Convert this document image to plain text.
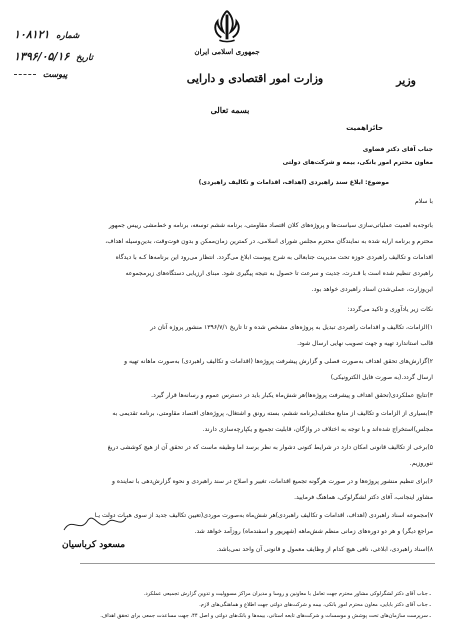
جمهوری اسلامی ایران
وزارت امور اقتصادی و دارایی	وزیر
بسمه تعالی
شماره ۱۰۸۱۲۱
تاریخ ۱۳۹۶/۰۵/۱۶
پیوست
حائزاهمیت
جناب آقای دکتر قضاوی
معاون محترم امور بانکی، بیمه و شرکت‌های دولتی
موضوع: ابلاغ سند راهبردی (اهداف، اقدامات و تکالیف راهبردی)
با سلام
باتوجه‌به اهمیت عملیاتی‌سازی سیاست‌ها و پروژه‌های کلان اقتصاد مقاومتی، برنامه ششم توسعه، برنامه و خط‌مشی رییس جمهور
محترم و برنامه ارایه شده به نمایندگان محترم مجلس شورای اسلامی، در کمترین زمان‌ممکن و بدون فوت‌وقت، بدین‌وسیله اهداف،
اقدامات و تکالیف راهبردی حوزه تحت مدیریت جنابعالی به شرح پیوست ابلاغ می‌گردد. انتظار می‌رود این برنامه‌ها کـه با دیدگاه
راهبردی تنظیم شده است با قـدرت، جدیت و سرعت تا حصول به نتیجه پیگیری شود. مبنای ارزیابی دستگاه‌های زیرمجموعه
این‌وزارت، عملی‌شدن اسناد راهبردی خواهد بود.
نکات زیر یادآوری و تاکید می‌گردد:
۱)الزامات، تکالیف و اقدامات راهبردی تبدیل به پروژه‌های مشخص شده و تا تاریخ ۱۳۹۶/۷/۱ منشور پروژه آنان در
قالب استاندارد تهیه و جهت تصویب نهایی ارسال شود.
۲)گزارش‌های تحقق اهداف به‌صورت فصلی و گزارش پیشرفت پروژه‌ها (اقدامات و تکالیف راهبردی) به‌صورت ماهانه تهیه و
ارسال گردد.(به صورت فایل الکترونیکی)
۳)نتایج عملکردی(تحقق اهداف و پیشرفت پروژه‌ها)هر شش‌ماه یکبار باید در دسترس عموم و رسانه‌ها قرار گیرد.
۴)بسیاری از الزامات و تکالیف از منابع مختلف(برنامه ششم، بسته رونق و اشتغال، پروژه‌های اقتصاد مقاومتی، برنامه تقدیمی به
مجلس)استخراج شده‌اند و با توجه به اختلاف در واژگان، قابلیت تجمیع و یکپارچه‌سازی دارند.
۵)برخی از تکالیف قانونی امکان دارد در شرایط کنونی دشوار به نظر برسد اما وظیفه ماست که در تحقق آن از هیچ کوششی دریغ
ننوروزیم.
۶)برای تنظیم منشور پروژه‌ها و در صورت هرگونه تجمیع اقدامات، تغییر و اصلاح در سند راهبردی و نحوه گزارش‌دهی با نماینده و
مشاور اینجانب، آقای دکتر لشگرلوکی، هماهنگ فرمایید.
۷)مجموعه اسناد راهبردی (اهداف، اقدامات و تکالیف راهبردی)هر شش‌ماه به‌صورت موردی(تعیین تکالیف جدید از سوی هیـات دولت یـا
مراجع دیگر) و هر دو دوره‌های زمانی منظم شش‌ماهه (شهریور و اسفندماه) روزآمد خواهد شد.
۸)اسناد راهبردی، ابلاغی، نافی هیچ کدام از وظایف معمول و قانونی آن واحد نمی‌باشد.
مسعود کرباسیان
ـ جناب آقای دکتر لشگرلوکی مشاور محترم جهت تعامل با معاونین و روسا و مدیران مراکز مسوولیت و تدوین گزارش تجمیعی عملکرد.
ـ جناب آقای دکتر بابایی، معاون محترم امور بانکی، بیمه و شرکت‌های دولتی جهت اطلاع و هماهنگی‌های لازم.
ـ سرپرست سازمان‌های تحت پوشش و موسسات و شرکت‌های تابعه استانی، بیمه‌ها و بانک‌های دولتی و اصل ۴۴، جهت مساعدت جمعی برای تحقق اهداف.
